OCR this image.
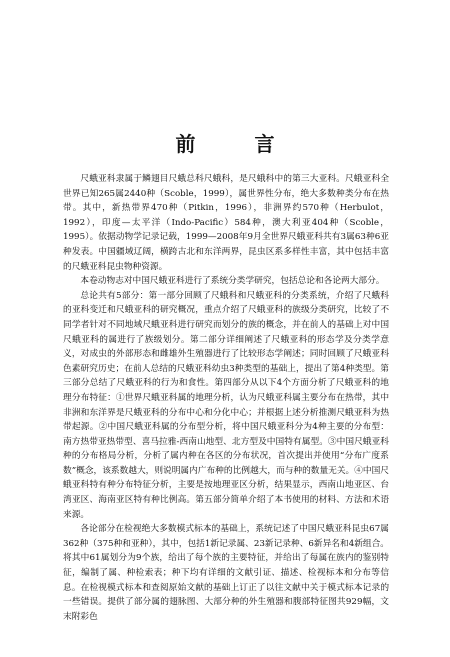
前 言

尺蛾亚科隶属于鳞翅目尺蛾总科尺蛾科，是尺蛾科中的第三大亚科。尺蛾亚科全世界已知265属2440种（Scoble，1999），属世界性分布，绝大多数种类分布在热带。其中，新热带界470种（Pitkin，1996），非洲界约570种（Herbulot，1992），印度—太平洋（Indo-Pacific）584种，澳大利亚404种（Scoble，1995）。依据动物学记录记载，1999—2008年9月全世界尺蛾亚科共有3属63种6亚种发表。中国疆域辽阔，横跨古北和东洋两界，昆虫区系多样性丰富，其中包括丰富的尺蛾亚科昆虫物种资源。

本卷动物志对中国尺蛾亚科进行了系统分类学研究，包括总论和各论两大部分。

总论共有5部分：第一部分回顾了尺蛾科和尺蛾亚科的分类系统，介绍了尺蛾科的亚科变迁和尺蛾亚科的研究概况，重点介绍了尺蛾亚科的族级分类研究，比较了不同学者针对不同地域尺蛾亚科进行研究而划分的族的概念，并在前人的基础上对中国尺蛾亚科的属进行了族级划分。第二部分详细阐述了尺蛾亚科的形态学及分类学意义，对成虫的外部形态和雌雄外生殖器进行了比较形态学阐述；同时回顾了尺蛾亚科色素研究历史；在前人总结的尺蛾亚科幼虫3种类型的基础上，提出了第4种类型。第三部分总结了尺蛾亚科的行为和食性。第四部分从以下4个方面分析了尺蛾亚科的地理分布特征：①世界尺蛾亚科属的地理分析，认为尺蛾亚科属主要分布在热带，其中非洲和东洋界是尺蛾亚科的分布中心和分化中心；并根据上述分析推测尺蛾亚科为热带起源。②中国尺蛾亚科属的分布型分析，将中国尺蛾亚科分为4种主要的分布型：南方热带亚热带型、喜马拉雅-西南山地型、北方型及中国特有属型。③中国尺蛾亚科种的分布格局分析，分析了属内种在各区的分布状况，首次提出并使用“分布广度系数”概念，该系数越大，则说明属内广布种的比例越大，而与种的数量无关。④中国尺蛾亚科特有种分布特征分析，主要是按地理亚区分析，结果显示，西南山地亚区、台湾亚区、海南亚区特有种比例高。第五部分简单介绍了本书使用的材料、方法和术语来源。

各论部分在检视绝大多数模式标本的基础上，系统记述了中国尺蛾亚科昆虫67属362种（375种和亚种），其中，包括1新记录属、23新记录种、6新异名和4新组合。将其中61属划分为9个族，给出了每个族的主要特征，并给出了每属在族内的鉴别特征，编制了属、种检索表；种下均有详细的文献引证、描述、检视标本和分布等信息。在检视模式标本和查阅原始文献的基础上订正了以往文献中关于模式标本记录的一些错误。提供了部分属的翅脉图、大部分种的外生殖器和腹部特征图共929幅，文末附彩色
